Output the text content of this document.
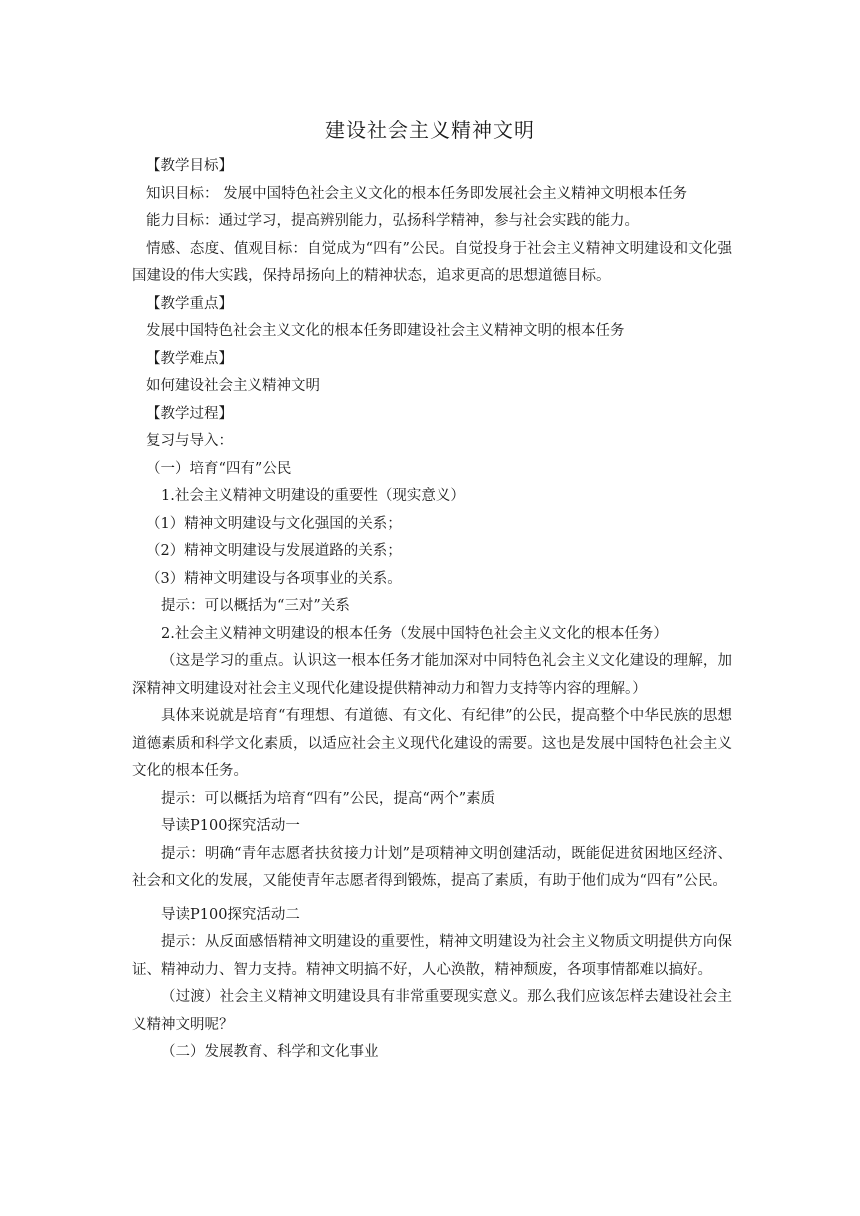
建设社会主义精神文明

【教学目标】

知识目标： 发展中国特色社会主义文化的根本任务即发展社会主义精神文明根本任务

能力目标：通过学习，提高辨别能力，弘扬科学精神，参与社会实践的能力。

情感、态度、值观目标：自觉成为“四有”公民。自觉投身于社会主义精神文明建设和文化强国建设的伟大实践，保持昂扬向上的精神状态，追求更高的思想道德目标。

【教学重点】

发展中国特色社会主义文化的根本任务即建设社会主义精神文明的根本任务

【教学难点】

如何建设社会主义精神文明

【教学过程】

复习与导入：

（一）培育“四有”公民

1.社会主义精神文明建设的重要性（现实意义）

（1）精神文明建设与文化强国的关系；

（2）精神文明建设与发展道路的关系；

（3）精神文明建设与各项事业的关系。

提示：可以概括为“三对”关系

2.社会主义精神文明建设的根本任务（发展中国特色社会主义文化的根本任务）

（这是学习的重点。认识这一根本任务才能加深对中同特色礼会主义文化建设的理解，加深精神文明建设对社会主义现代化建设提供精神动力和智力支持等内容的理解。）

具体来说就是培育“有理想、有道德、有文化、有纪律”的公民，提高整个中华民族的思想道德素质和科学文化素质，以适应社会主义现代化建设的需要。这也是发展中国特色社会主义文化的根本任务。

提示：可以概括为培育“四有”公民，提高“两个”素质

导读P100探究活动一

提示：明确“青年志愿者扶贫接力计划”是项精神文明创建活动，既能促进贫困地区经济、社会和文化的发展，又能使青年志愿者得到锻炼，提高了素质，有助于他们成为“四有”公民。

导读P100探究活动二

提示：从反面感悟精神文明建设的重要性，精神文明建设为社会主义物质文明提供方向保证、精神动力、智力支持。精神文明搞不好，人心涣散，精神颓废，各项事情都难以搞好。

（过渡）社会主义精神文明建设具有非常重要现实意义。那么我们应该怎样去建设社会主义精神文明呢？

（二）发展教育、科学和文化事业
